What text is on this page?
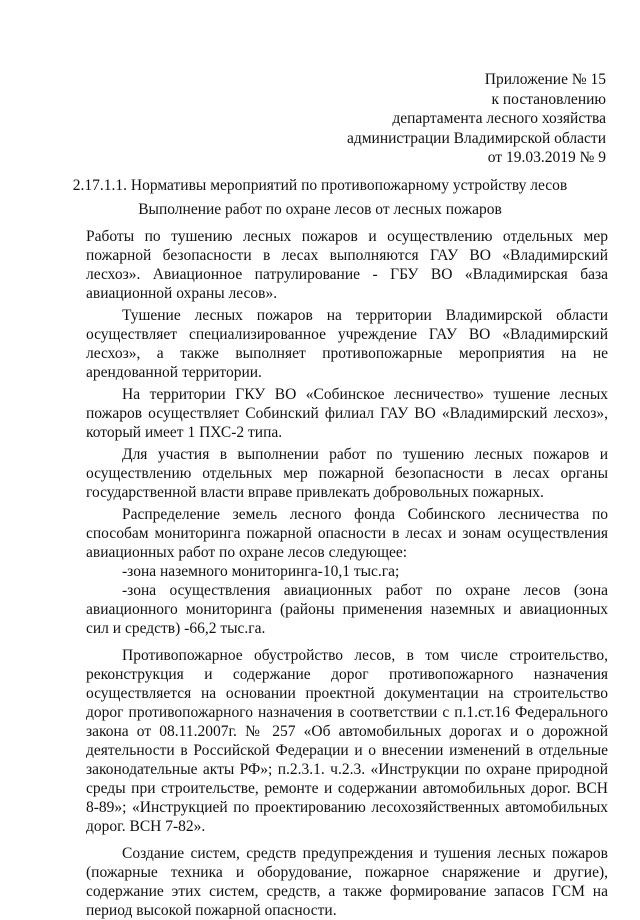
Приложение № 15
к постановлению
департамента лесного хозяйства
администрации Владимирской области
от 19.03.2019 № 9
2.17.1.1. Нормативы мероприятий по противопожарному устройству лесов
Выполнение работ по охране лесов от лесных пожаров

Работы по тушению лесных пожаров и осуществлению отдельных мер пожарной безопасности в лесах выполняются ГАУ ВО «Владимирский лесхоз». Авиационное патрулирование - ГБУ ВО «Владимирская база авиационной охраны лесов».

Тушение лесных пожаров на территории Владимирской области осуществляет специализированное учреждение ГАУ ВО «Владимирский лесхоз», а также выполняет противопожарные мероприятия на не арендованной территории.

На территории ГКУ ВО «Собинское лесничество» тушение лесных пожаров осуществляет Собинский филиал ГАУ ВО «Владимирский лесхоз», который имеет 1 ПХС-2 типа.

Для участия в выполнении работ по тушению лесных пожаров и осуществлению отдельных мер пожарной безопасности в лесах органы государственной власти вправе привлекать добровольных пожарных.

Распределение земель лесного фонда Собинского лесничества по способам мониторинга пожарной опасности в лесах и зонам осуществления авиационных работ по охране лесов следующее:

-зона наземного мониторинга-10,1 тыс.га;

-зона осуществления авиационных работ по охране лесов (зона авиационного мониторинга (районы применения наземных и авиационных сил и средств) -66,2 тыс.га.

Противопожарное обустройство лесов, в том числе строительство, реконструкция и содержание дорог противопожарного назначения осуществляется на основании проектной документации на строительство дорог противопожарного назначения в соответствии с п.1.ст.16 Федерального закона от 08.11.2007г. № 257 «Об автомобильных дорогах и о дорожной деятельности в Российской Федерации и о внесении изменений в отдельные законодательные акты РФ»; п.2.3.1. ч.2.3. «Инструкции по охране природной среды при строительстве, ремонте и содержании автомобильных дорог. ВСН 8-89»; «Инструкцией по проектированию лесохозяйственных автомобильных дорог. ВСН 7-82».

Создание систем, средств предупреждения и тушения лесных пожаров (пожарные техника и оборудование, пожарное снаряжение и другие), содержание этих систем, средств, а также формирование запасов ГСМ на период высокой пожарной опасности.
